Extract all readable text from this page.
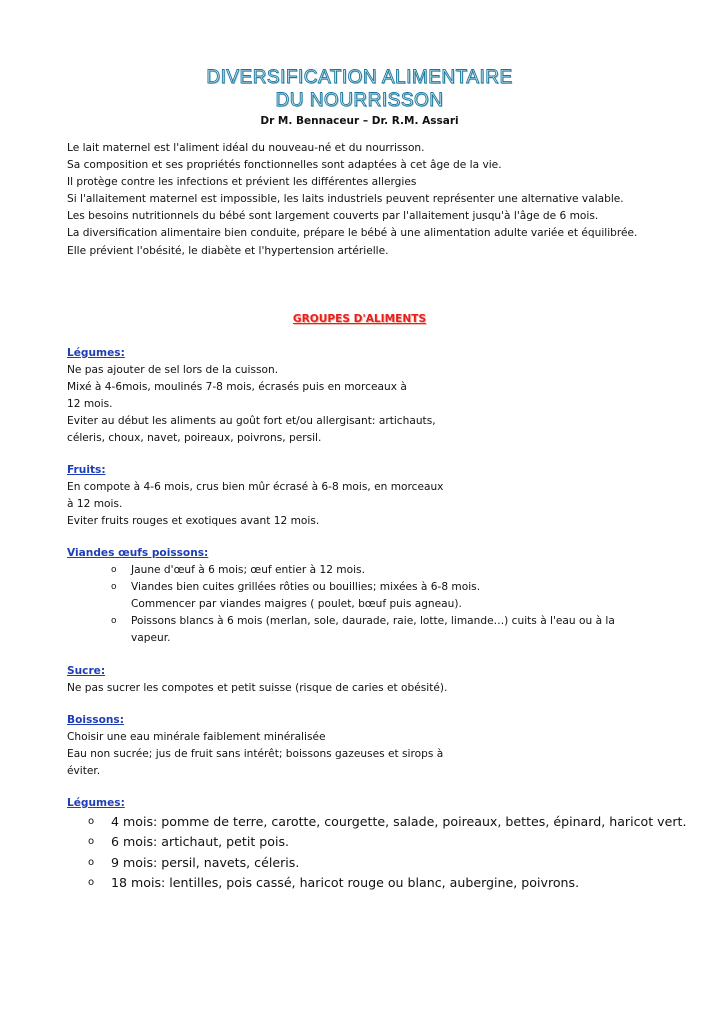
DIVERSIFICATION ALIMENTAIRE
DU NOURRISSON
Dr M. Bennaceur – Dr. R.M. Assari
Le lait maternel est l'aliment idéal du nouveau-né et du nourrisson.
Sa composition et ses propriétés fonctionnelles sont adaptées à cet âge de la vie.
Il protège contre les infections et prévient les différentes allergies
Si l'allaitement maternel est impossible, les laits industriels peuvent représenter une alternative valable.
Les besoins nutritionnels du bébé sont largement couverts par l'allaitement jusqu'à l'âge de 6 mois.
La diversification alimentaire bien conduite, prépare le bébé à une alimentation adulte variée et équilibrée.
Elle prévient l'obésité, le diabète et l'hypertension artérielle.
GROUPES D'ALIMENTS
Légumes:
Ne pas ajouter de sel lors de la cuisson.
Mixé à 4-6mois, moulinés 7-8 mois, écrasés puis en morceaux à
12 mois.
Eviter au début les aliments au goût fort et/ou allergisant: artichauts,
céleris, choux, navet, poireaux, poivrons, persil.
Fruits:
En compote à 4-6 mois, crus bien mûr écrasé à 6-8 mois, en morceaux
à 12 mois.
Eviter fruits rouges et exotiques avant 12 mois.
Viandes œufs poissons:
o Jaune d'œuf à 6 mois; œuf entier à 12 mois.
o Viandes bien cuites grillées rôties ou bouillies; mixées à 6-8 mois.
Commencer par viandes maigres ( poulet, bœuf puis agneau).
o Poissons blancs à 6 mois (merlan, sole, daurade, raie, lotte, limande…) cuits à l'eau ou à la
vapeur.
Sucre:
Ne pas sucrer les compotes et petit suisse (risque de caries et obésité).
Boissons:
Choisir une eau minérale faiblement minéralisée
Eau non sucrée; jus de fruit sans intérêt; boissons gazeuses et sirops à
éviter.
Légumes:
o 4 mois: pomme de terre, carotte, courgette, salade, poireaux, bettes, épinard, haricot vert.
o 6 mois: artichaut, petit pois.
o 9 mois: persil, navets, céleris.
o 18 mois: lentilles, pois cassé, haricot rouge ou blanc, aubergine, poivrons.
